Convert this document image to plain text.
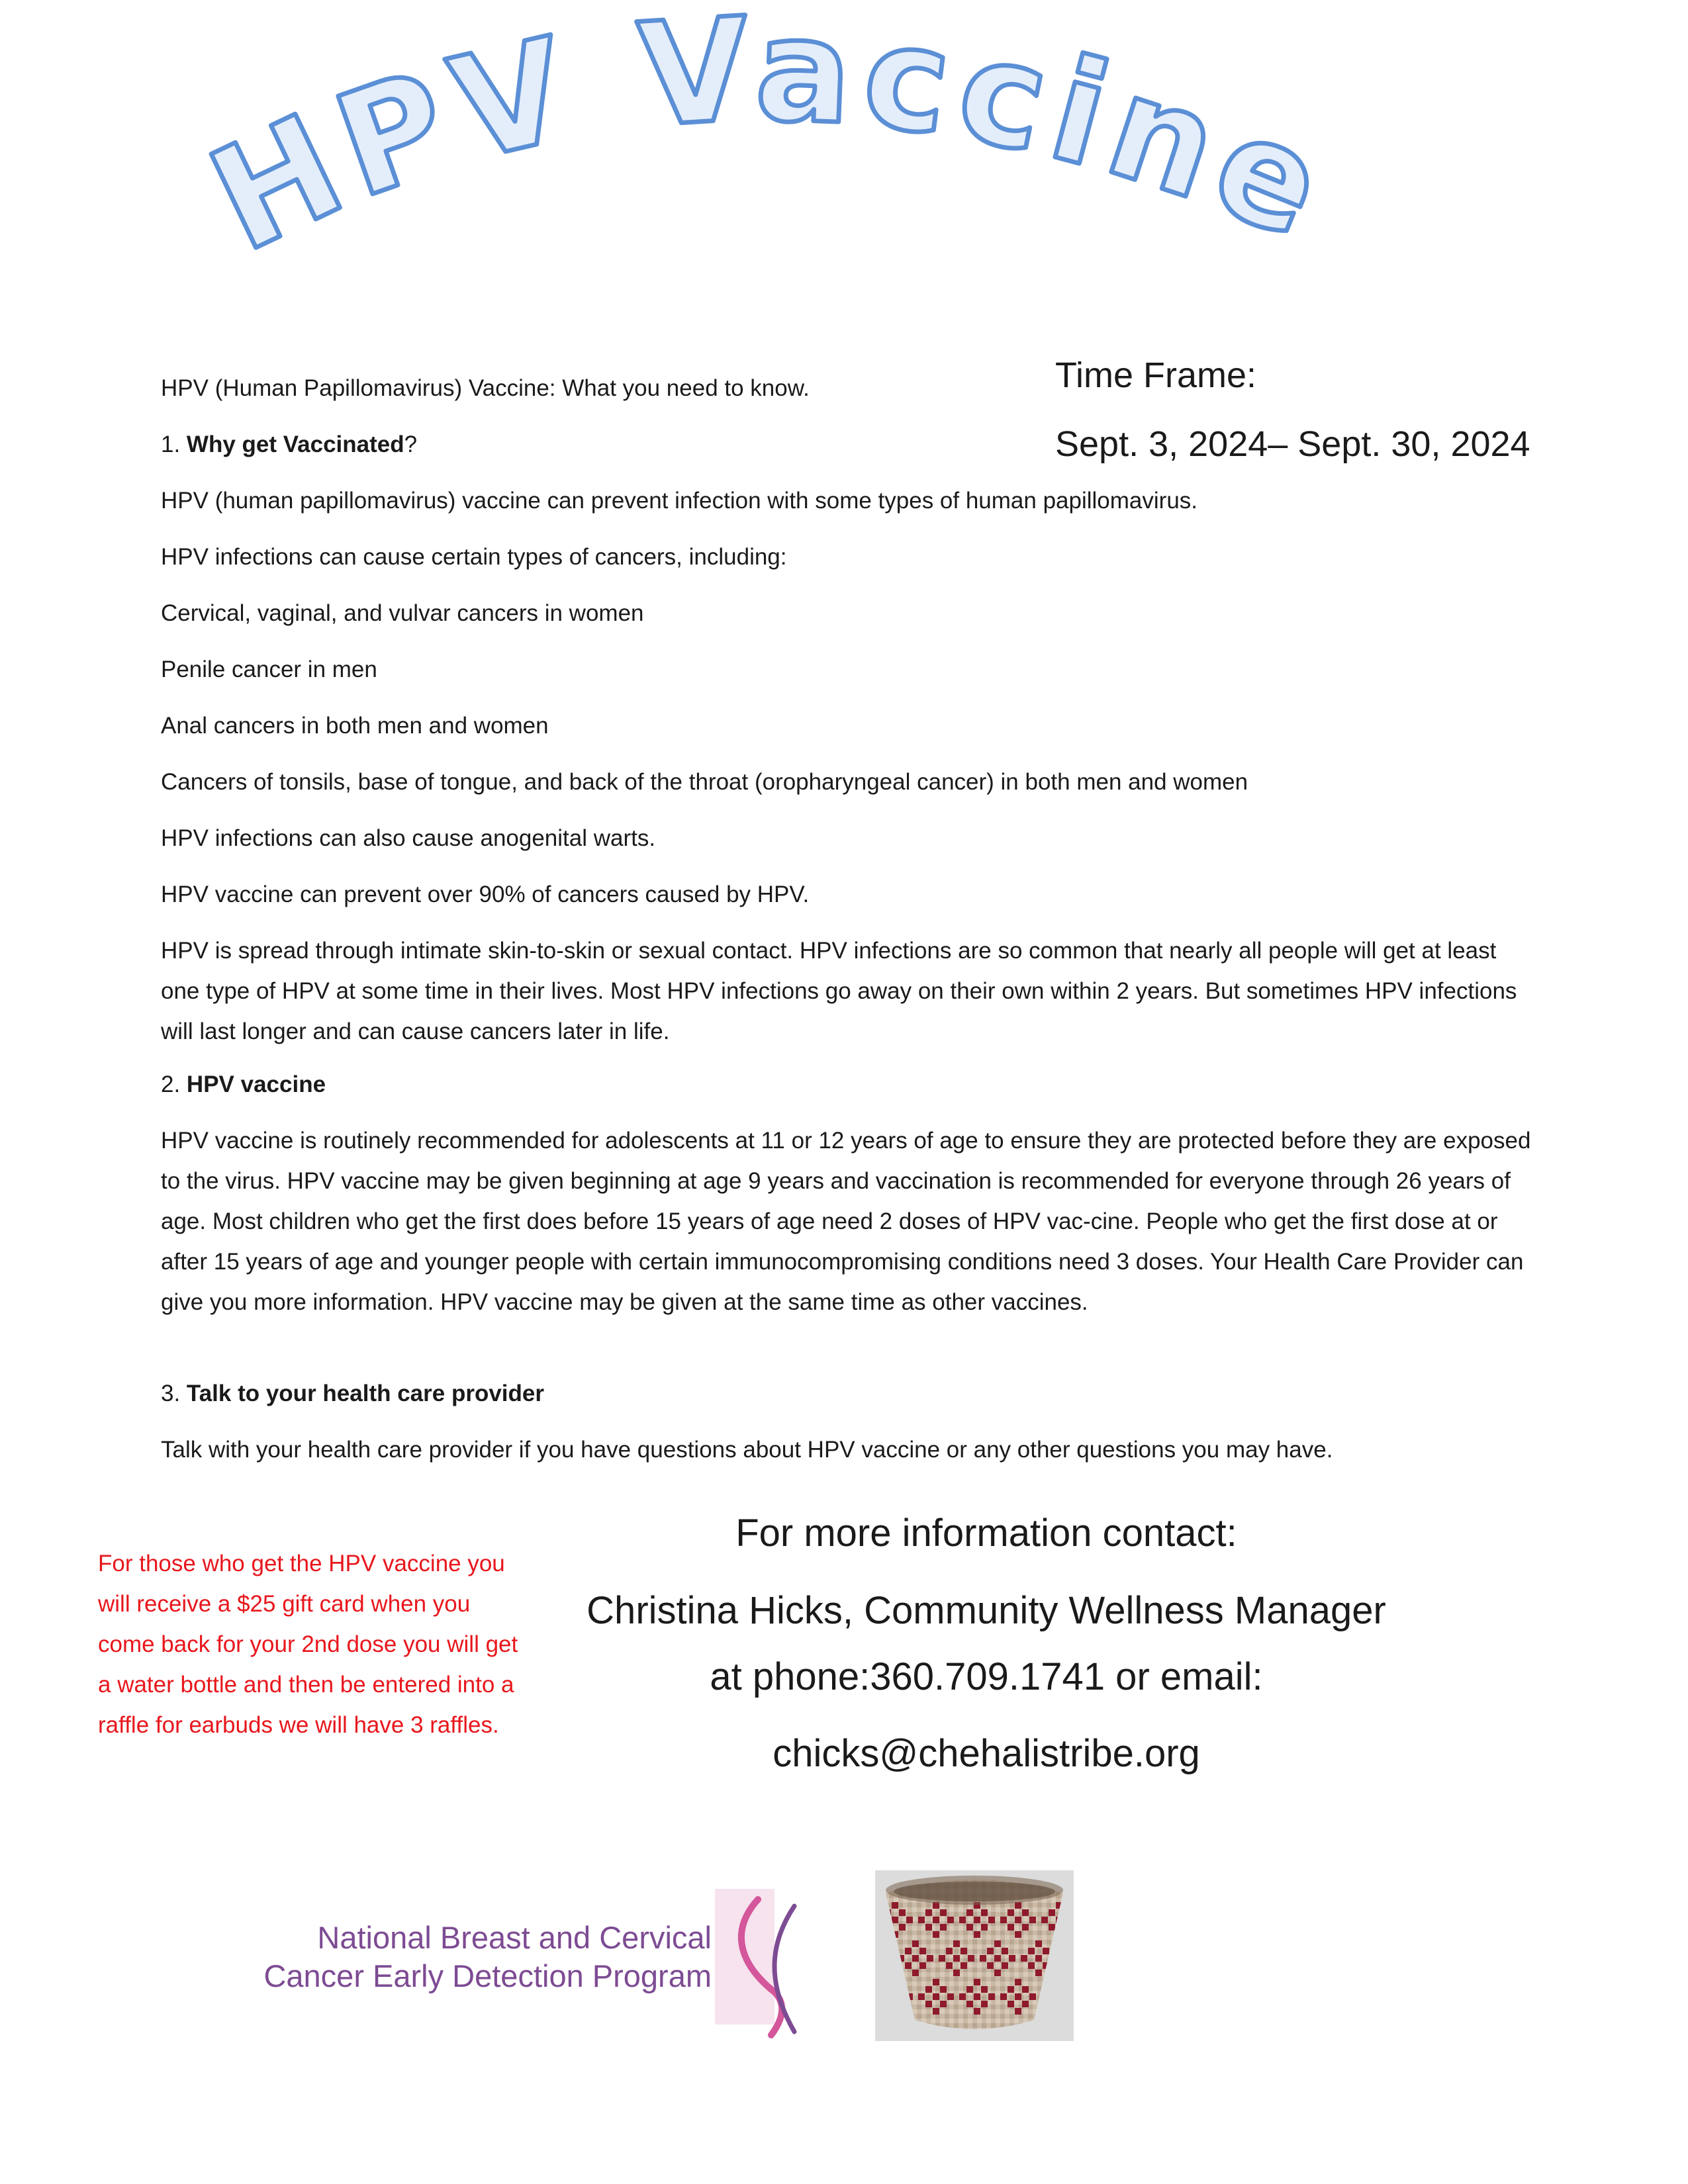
HPV Vaccine
Time Frame:
Sept. 3, 2024– Sept. 30, 2024
HPV (Human Papillomavirus) Vaccine: What you need to know.
1. Why get Vaccinated?
HPV (human papillomavirus) vaccine can prevent infection with some types of human papillomavirus.
HPV infections can cause certain types of cancers, including:
Cervical, vaginal, and vulvar cancers in women
Penile cancer in men
Anal cancers in both men and women
Cancers of tonsils, base of tongue, and back of the throat (oropharyngeal cancer) in both men and women
HPV infections can also cause anogenital warts.
HPV vaccine can prevent over 90% of cancers caused by HPV.
HPV is spread through intimate skin-to-skin or sexual contact. HPV infections are so common that nearly all people will get at least one type of HPV at some time in their lives. Most HPV infections go away on their own within 2 years. But sometimes HPV infections will last longer and can cause cancers later in life.
2. HPV vaccine
HPV vaccine is routinely recommended for adolescents at 11 or 12 years of age to ensure they are protected before they are exposed to the virus. HPV vaccine may be given beginning at age 9 years and vaccination is recommended for everyone through 26 years of age. Most children who get the first does before 15 years of age need 2 doses of HPV vac-cine. People who get the first dose at or after 15 years of age and younger people with certain immunocompromising conditions need 3 doses. Your Health Care Provider can give you more information. HPV vaccine may be given at the same time as other vaccines.
3. Talk to your health care provider
Talk with your health care provider if you have questions about HPV vaccine or any other questions you may have.
For those who get the HPV vaccine you will receive a $25 gift card when you come back for your 2nd dose you will get a water bottle and then be entered into a raffle for earbuds we will have 3 raffles.
For more information contact:
Christina Hicks, Community Wellness Manager
at phone:360.709.1741 or email:
chicks@chehalistribe.org
National Breast and Cervical
Cancer Early Detection Program
